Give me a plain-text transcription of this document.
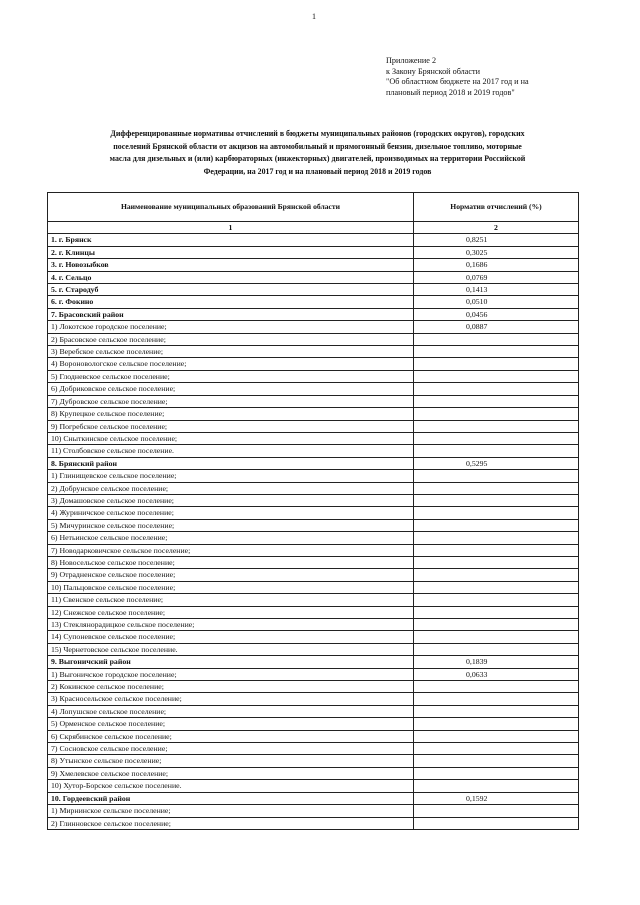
1
Приложение 2
к Закону Брянской области
"Об областном бюджете на 2017 год и на
плановый период 2018 и 2019 годов"
Дифференцированные нормативы отчислений в бюджеты муниципальных районов (городских округов), городских
поселений Брянской области от акцизов на автомобильный и прямогонный бензин, дизельное топливо, моторные
масла для дизельных и (или) карбюраторных (инжекторных) двигателей, производимых на территории Российской
Федерации, на 2017 год и на плановый период 2018 и 2019 годов
Наименование муниципальных образований Брянской области	Норматив отчислений (%)
1	2
1. г. Брянск	0,8251
2. г. Клинцы	0,3025
3. г. Новозыбков	0,1686
4. г. Сельцо	0,0769
5. г. Стародуб	0,1413
6. г. Фокино	0,0510
7. Брасовский район	0,0456
1) Локотское городское поселение;	0,0887
2) Брасовское сельское поселение;	
3) Веребское сельское поселение;	
4) Вороновологское сельское поселение;	
5) Глодневское сельское поселение;	
6) Добриковское сельское поселение;	
7) Дубровское сельское поселение;	
8) Крупецкое сельское поселение;	
9) Погребское сельское поселение;	
10) Сныткинское сельское поселение;	
11) Столбовское сельское поселение.	
8. Брянский район	0,5295
1) Глинищевское сельское поселение;	
2) Добрунское сельское поселение;	
3) Домашовское сельское поселение;	
4) Журиничское сельское поселение;	
5) Мичуринское сельское поселение;	
6) Нетьинское сельское поселение;	
7) Новодарковичское сельское поселение;	
8) Новосельское сельское поселение;	
9) Отрадненское сельское поселение;	
10) Пальцовское сельское поселение;	
11) Свенское сельское поселение;	
12) Снежское сельское поселение;	
13) Стеклянорадицкое сельское поселение;	
14) Супоневское сельское поселение;	
15) Чернетовское сельское поселение.	
9. Выгоничский район	0,1839
1) Выгоничское городское поселение;	0,0633
2) Кокинское сельское поселение;	
3) Красносельское сельское поселение;	
4) Лопушское сельское поселение;	
5) Орменское сельское поселение;	
6) Скрябинское сельское поселение;	
7) Сосновское сельское поселение;	
8) Утынское сельское поселение;	
9) Хмелевское сельское поселение;	
10) Хутор-Борское сельское поселение.	
10. Гордеевский район	0,1592
1) Мирнинское сельское поселение;	
2) Глинновское сельское поселение;	
